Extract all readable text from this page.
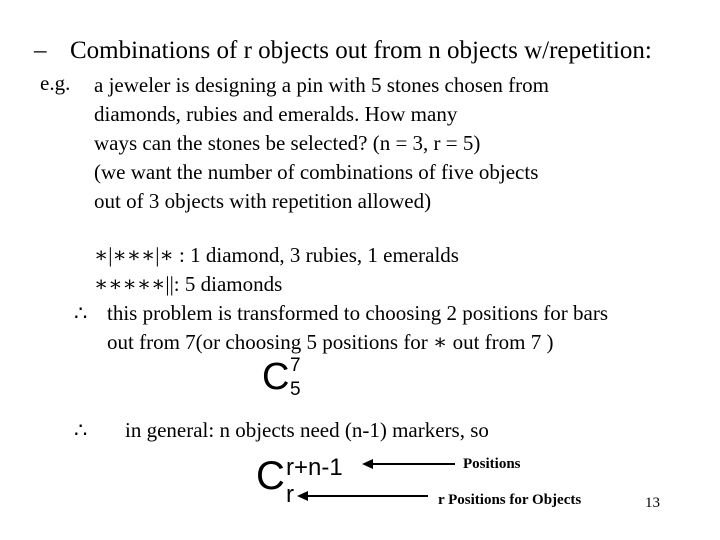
– Combinations of r objects out from n objects w/repetition:
e.g. a jeweler is designing a pin with 5 stones chosen from
diamonds, rubies and emeralds. How many
ways can the stones be selected? (n = 3, r = 5)
(we want the number of combinations of five objects
out of 3 objects with repetition allowed)
∗|∗∗∗|∗ : 1 diamond, 3 rubies, 1 emeralds
∗∗∗∗∗||: 5 diamonds
∴ this problem is transformed to choosing 2 positions for bars
out from 7(or choosing 5 positions for ∗ out from 7 )
C 7
5
∴ in general: n objects need (n-1) markers, so
C r+n-1
r
Positions
r Positions for Objects	13
